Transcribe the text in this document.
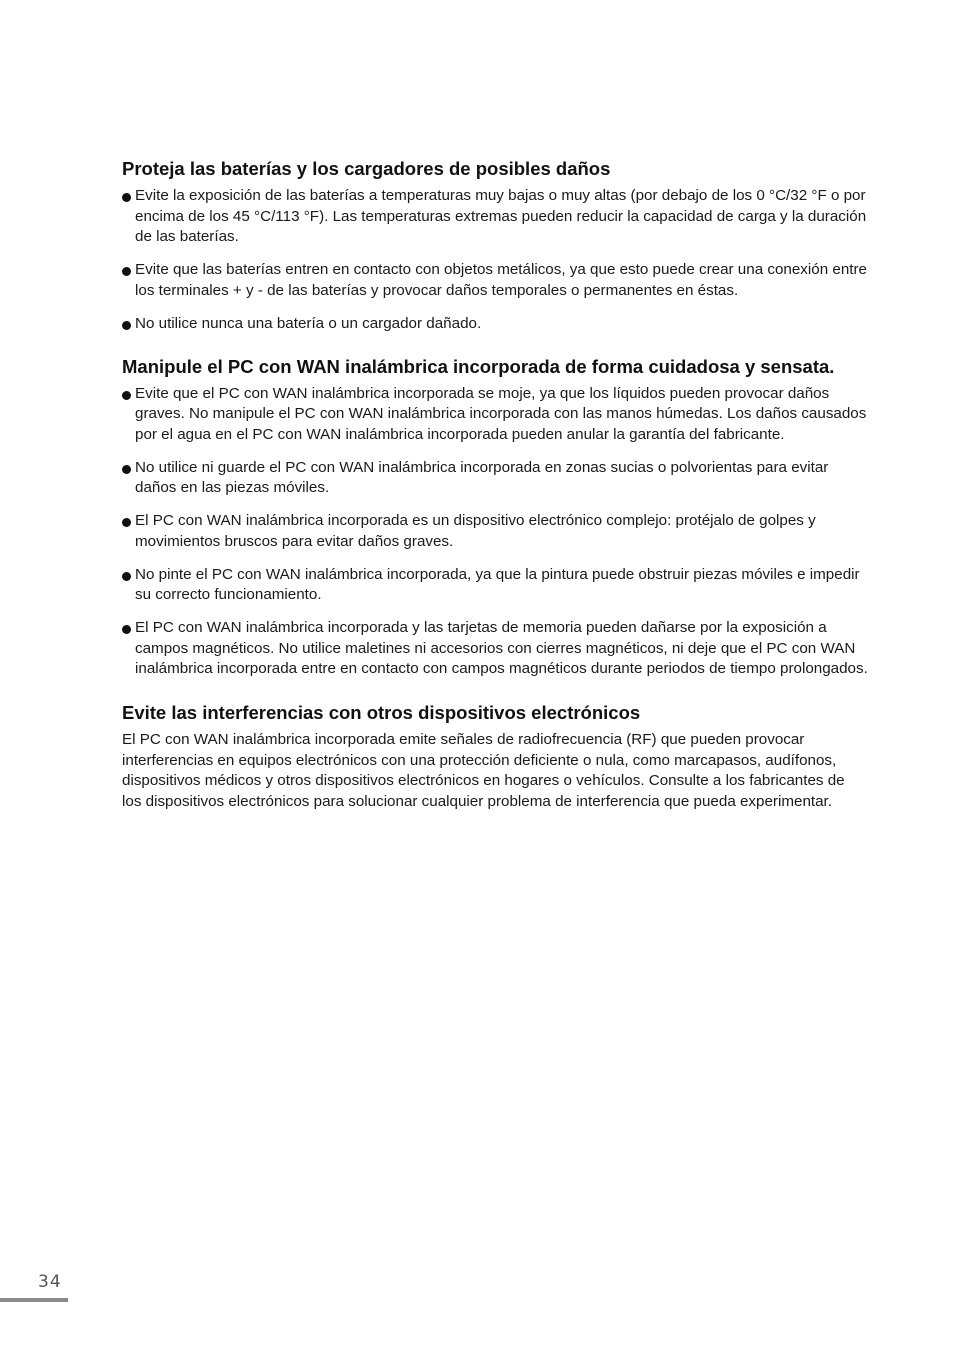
Proteja las baterías y los cargadores de posibles daños
Evite la exposición de las baterías a temperaturas muy bajas o muy altas (por debajo de los 0 °C/32 °F o por encima de los 45 °C/113 °F). Las temperaturas extremas pueden reducir la capacidad de carga y la duración de las baterías.
Evite que las baterías entren en contacto con objetos metálicos, ya que esto puede crear una conexión entre los terminales + y - de las baterías y provocar daños temporales o permanentes en éstas.
No utilice nunca una batería o un cargador dañado.
Manipule el PC con WAN inalámbrica incorporada de forma cuidadosa y sensata.
Evite que el PC con WAN inalámbrica incorporada se moje, ya que los líquidos pueden provocar daños graves. No manipule el PC con WAN inalámbrica incorporada con las manos húmedas. Los daños causados por el agua en el PC con WAN inalámbrica incorporada pueden anular la garantía del fabricante.
No utilice ni guarde el PC con WAN inalámbrica incorporada en zonas sucias o polvorientas para evitar daños en las piezas móviles.
El PC con WAN inalámbrica incorporada es un dispositivo electrónico complejo: protéjalo de golpes y movimientos bruscos para evitar daños graves.
No pinte el PC con WAN inalámbrica incorporada, ya que la pintura puede obstruir piezas móviles e impedir su correcto funcionamiento.
El PC con WAN inalámbrica incorporada y las tarjetas de memoria pueden dañarse por la exposición a campos magnéticos. No utilice maletines ni accesorios con cierres magnéticos, ni deje que el PC con WAN inalámbrica incorporada entre en contacto con campos magnéticos durante periodos de tiempo prolongados.
Evite las interferencias con otros dispositivos electrónicos

El PC con WAN inalámbrica incorporada emite señales de radiofrecuencia (RF) que pueden provocar interferencias en equipos electrónicos con una protección deficiente o nula, como marcapasos, audífonos, dispositivos médicos y otros dispositivos electrónicos en hogares o vehículos. Consulte a los fabricantes de los dispositivos electrónicos para solucionar cualquier problema de interferencia que pueda experimentar.

34
